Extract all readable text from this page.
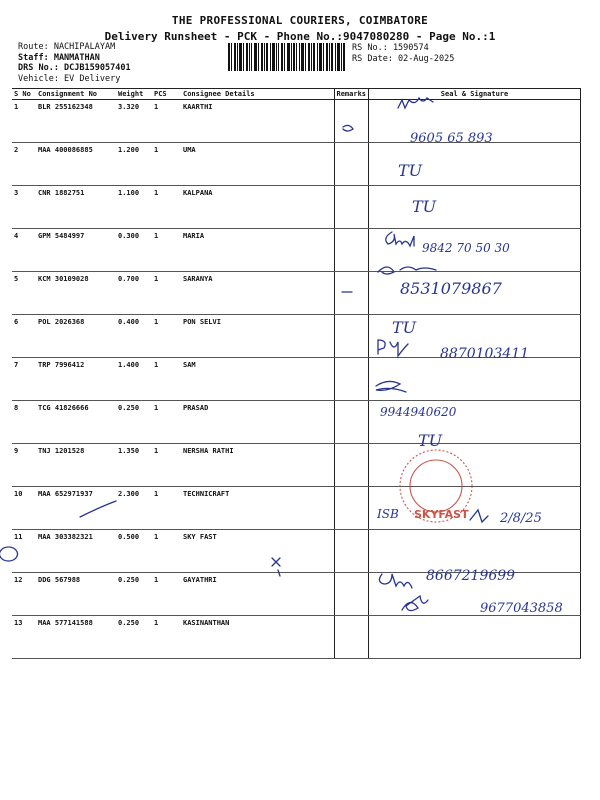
THE PROFESSIONAL COURIERS, COIMBATORE
Delivery Runsheet - PCK - Phone No.:9047080280 - Page No.:1
Route: NACHIPALAYAM
Staff: MANMATHAN
DRS No.: DCJB159057401
Vehicle: EV Delivery
RS No.: 1590574
RS Date: 02-Aug-2025
S No	Consignment No	Weight	PCS	Consignee Details	Remarks	Seal & Signature
1	BLR 255162348	3.320	1	KAARTHI		
2	MAA 400086885	1.200	1	UMA		
3	CNR 1882751	1.100	1	KALPANA		
4	GPM 5484997	0.300	1	MARIA		
5	KCM 30109028	0.700	1	SARANYA		
6	POL 2026368	0.400	1	PON SELVI		
7	TRP 7996412	1.400	1	SAM		
8	TCG 41826666	0.250	1	PRASAD		
9	TNJ 1201528	1.350	1	NERSHA RATHI		
10	MAA 652971937	2.300	1	TECHNICRAFT		
11	MAA 303382321	0.500	1	SKY FAST		
12	DDG 567988	0.250	1	GAYATHRI		
13	MAA 577141588	0.250	1	KASINANTHAN		
SKYFAST
9605 65 893
TU
TU
9842 70 50 30
8531079867
TU
8870103411
9944940620
TU
ISB	2/8/25
8667219699
9677043858
